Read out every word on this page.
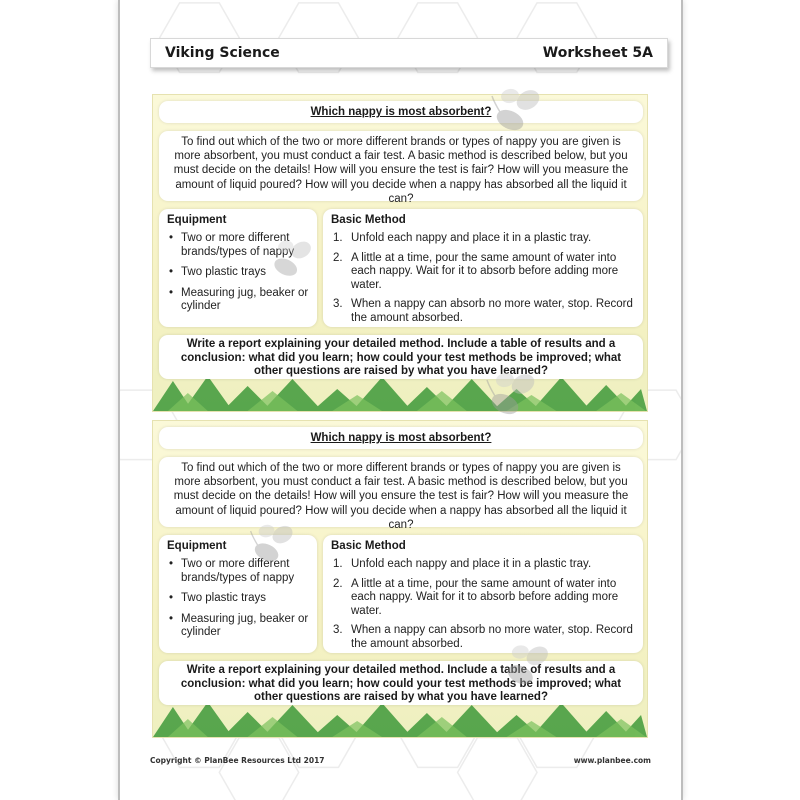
Viking Science	Worksheet 5A
Which nappy is most absorbent?
To find out which of the two or more different brands or types of nappy you are given is more absorbent, you must conduct a fair test. A basic method is described below, but you must decide on the details! How will you ensure the test is fair? How will you measure the amount of liquid poured? How will you decide when a nappy has absorbed all the liquid it can?
Equipment
• Two or more different brands/types of nappy
• Two plastic trays
• Measuring jug, beaker or cylinder
Basic Method
1. Unfold each nappy and place it in a plastic tray.
2. A little at a time, pour the same amount of water into each nappy. Wait for it to absorb before adding more water.
3. When a nappy can absorb no more water, stop. Record the amount absorbed.
Write a report explaining your detailed method. Include a table of results and a conclusion: what did you learn; how could your test methods be improved; what other questions are raised by what you have learned?
Which nappy is most absorbent?
To find out which of the two or more different brands or types of nappy you are given is more absorbent, you must conduct a fair test. A basic method is described below, but you must decide on the details! How will you ensure the test is fair? How will you measure the amount of liquid poured? How will you decide when a nappy has absorbed all the liquid it can?
Equipment
• Two or more different brands/types of nappy
• Two plastic trays
• Measuring jug, beaker or cylinder
Basic Method
1. Unfold each nappy and place it in a plastic tray.
2. A little at a time, pour the same amount of water into each nappy. Wait for it to absorb before adding more water.
3. When a nappy can absorb no more water, stop. Record the amount absorbed.
Write a report explaining your detailed method. Include a table of results and a conclusion: what did you learn; how could your test methods be improved; what other questions are raised by what you have learned?
Copyright © PlanBee Resources Ltd 2017	www.planbee.com
